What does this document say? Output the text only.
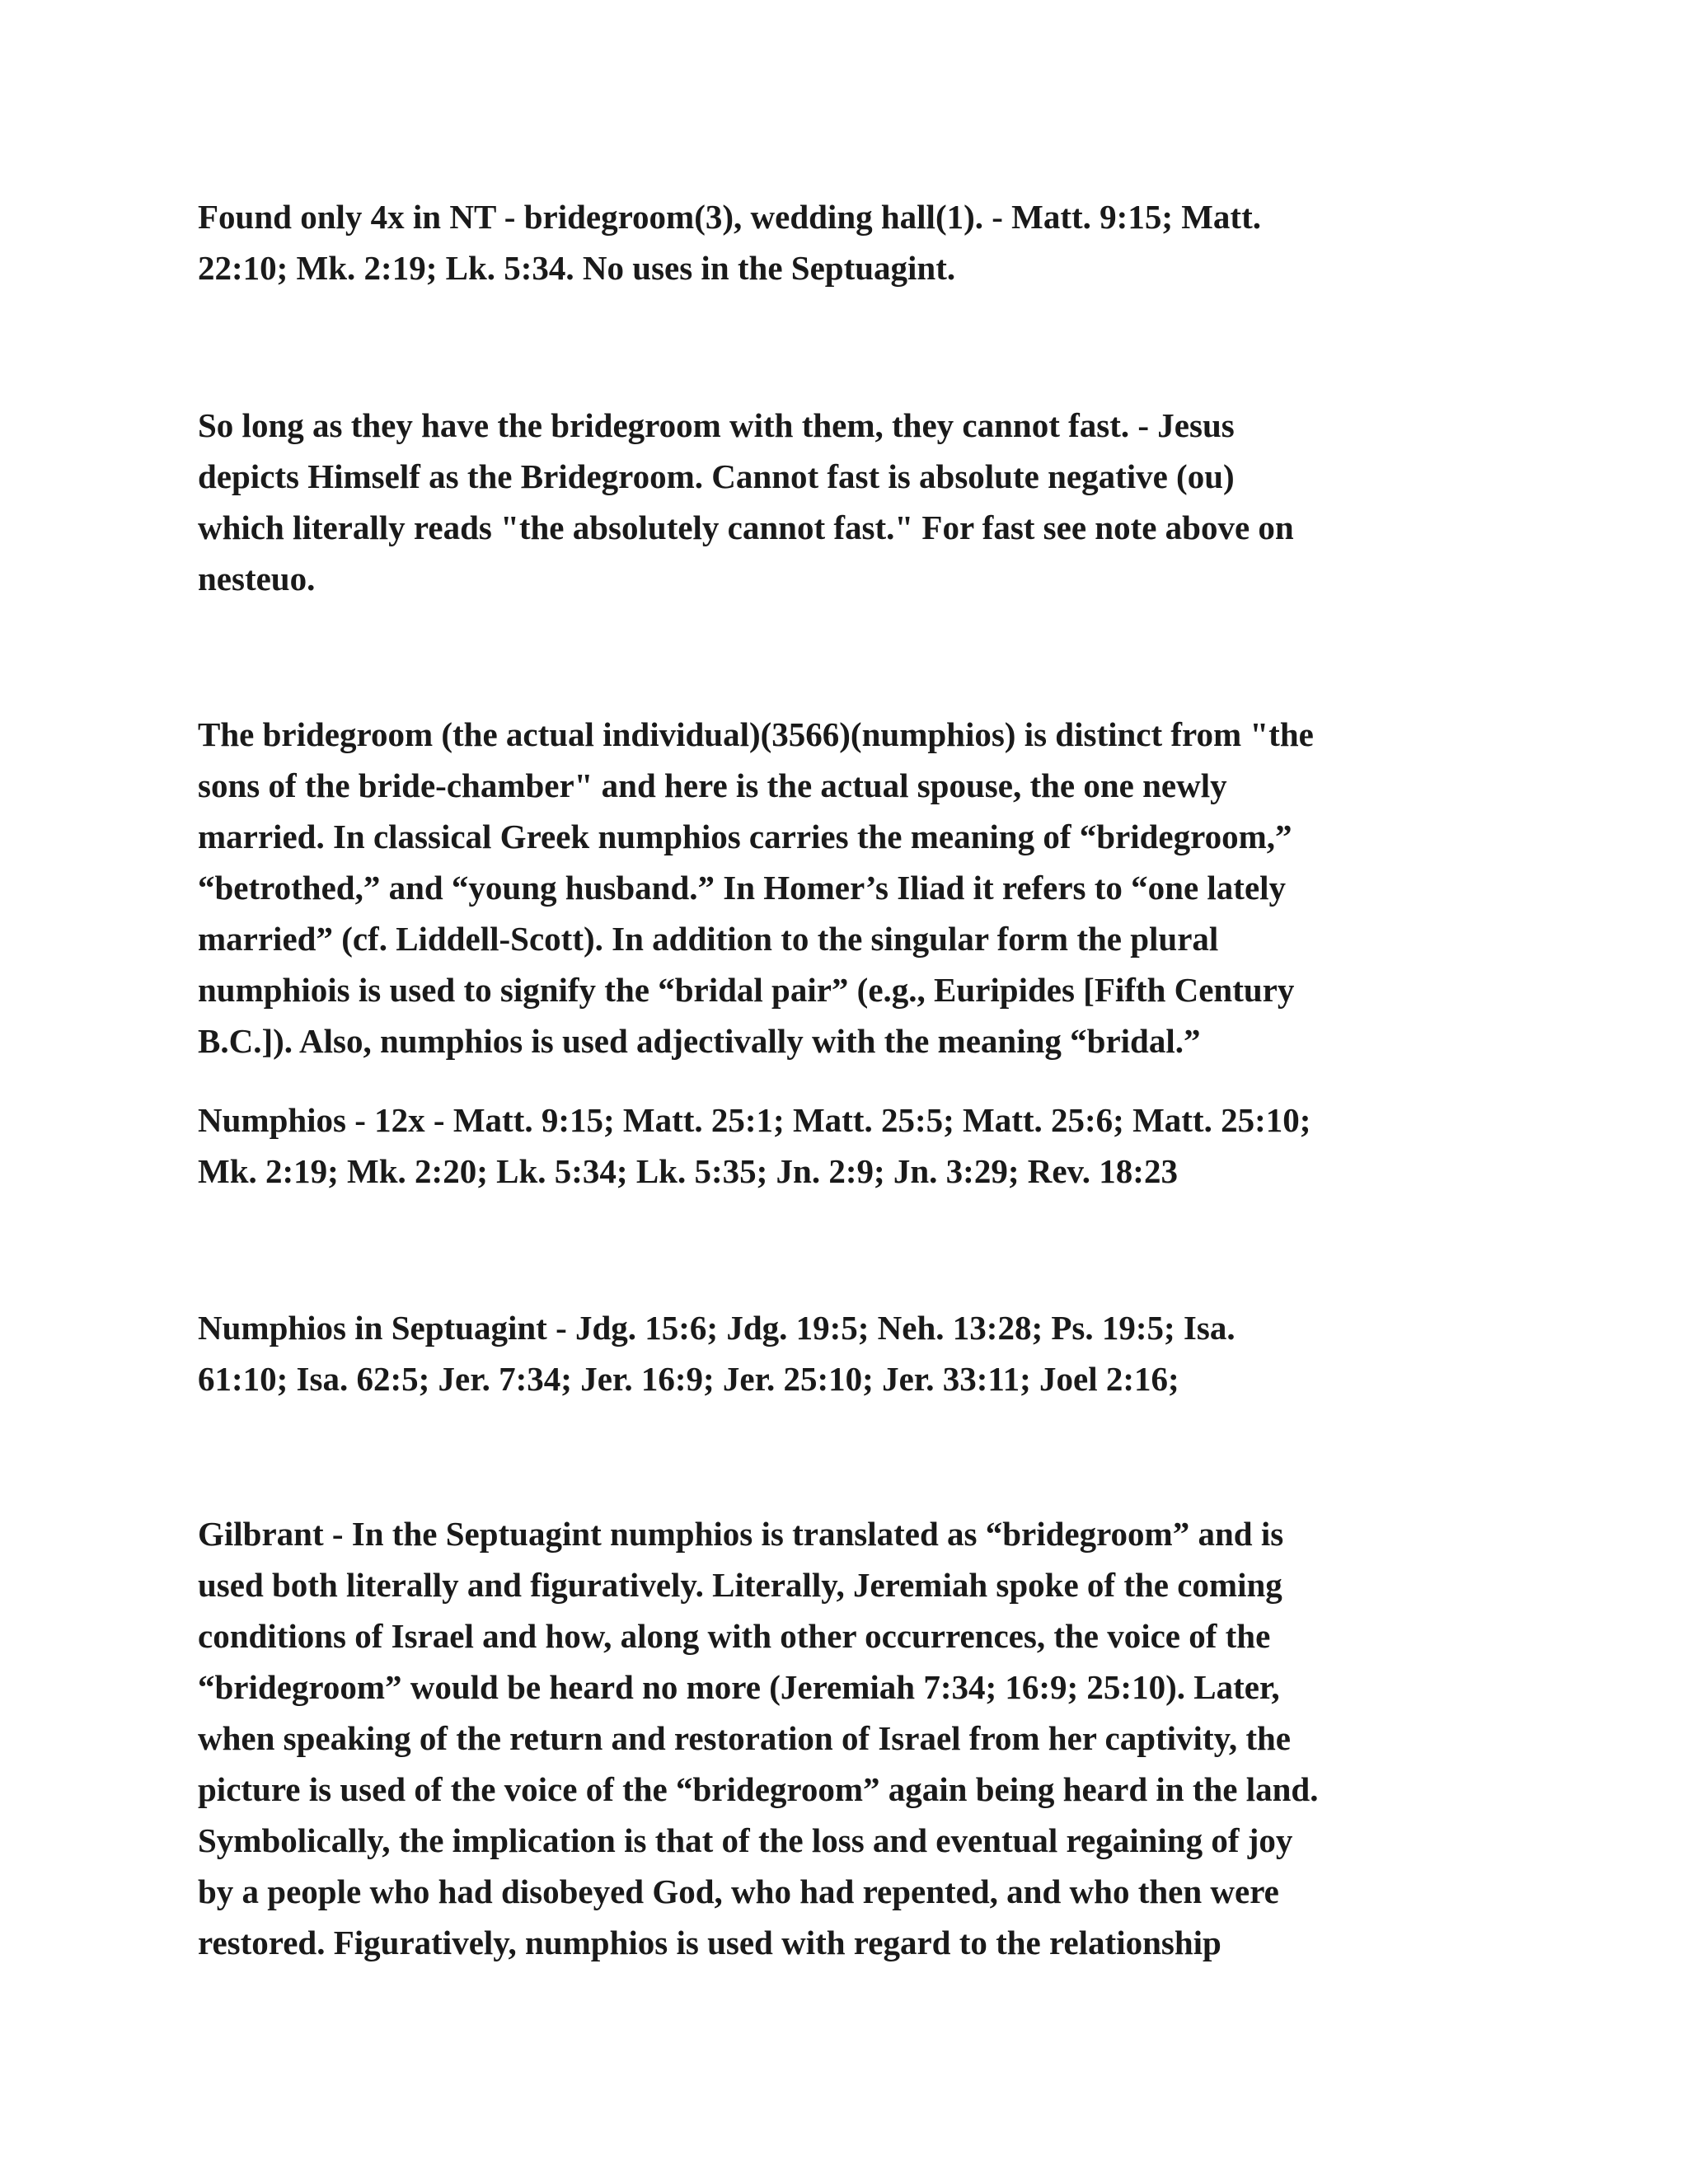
Found only 4x in NT - bridegroom(3), wedding hall(1). - Matt. 9:15; Matt.
22:10; Mk. 2:19; Lk. 5:34. No uses in the Septuagint.

So long as they have the bridegroom with them, they cannot fast. - Jesus
depicts Himself as the Bridegroom. Cannot fast is absolute negative (ou)
which literally reads "the absolutely cannot fast." For fast see note above on
nesteuo.

The bridegroom (the actual individual)(3566)(numphios) is distinct from "the
sons of the bride-chamber" and here is the actual spouse, the one newly
married. In classical Greek numphios carries the meaning of “bridegroom,”
“betrothed,” and “young husband.” In Homer’s Iliad it refers to “one lately
married” (cf. Liddell-Scott). In addition to the singular form the plural
numphiois is used to signify the “bridal pair” (e.g., Euripides [Fifth Century
B.C.]). Also, numphios is used adjectivally with the meaning “bridal.”

Numphios - 12x - Matt. 9:15; Matt. 25:1; Matt. 25:5; Matt. 25:6; Matt. 25:10;
Mk. 2:19; Mk. 2:20; Lk. 5:34; Lk. 5:35; Jn. 2:9; Jn. 3:29; Rev. 18:23

Numphios in Septuagint - Jdg. 15:6; Jdg. 19:5; Neh. 13:28; Ps. 19:5; Isa.
61:10; Isa. 62:5; Jer. 7:34; Jer. 16:9; Jer. 25:10; Jer. 33:11; Joel 2:16;

Gilbrant - In the Septuagint numphios is translated as “bridegroom” and is
used both literally and figuratively. Literally, Jeremiah spoke of the coming
conditions of Israel and how, along with other occurrences, the voice of the
“bridegroom” would be heard no more (Jeremiah 7:34; 16:9; 25:10). Later,
when speaking of the return and restoration of Israel from her captivity, the
picture is used of the voice of the “bridegroom” again being heard in the land.
Symbolically, the implication is that of the loss and eventual regaining of joy
by a people who had disobeyed God, who had repented, and who then were
restored. Figuratively, numphios is used with regard to the relationship
